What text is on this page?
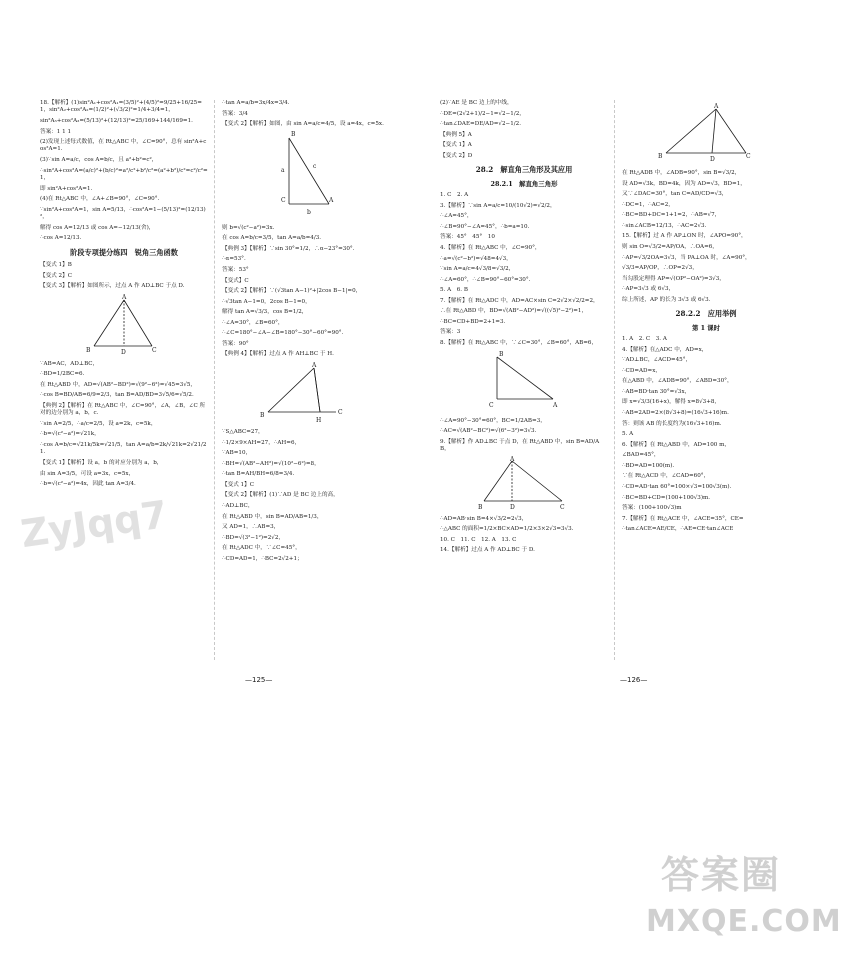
18.【解析】(1)sin²A₁+cos²A₁=(3/5)²+(4/5)²=9/25+16/25=1，sin²A₂+cos²A₂=(1/2)²+(√3/2)²=1/4+3/4=1，
sin²A₃+cos²A₃=(5/13)²+(12/13)²=25/169+144/169=1.
答案：1 1 1
(2)发现上述每式数值，在 Rt△ABC 中，∠C=90°，总有 sin²A+cos²A=1.
(3)∵sin A=a/c，cos A=b/c，且 a²+b²=c²，
∴sin²A+cos²A=(a/c)²+(b/c)²=a²/c²+b²/c²=(a²+b²)/c²=c²/c²=1，
即 sin²A+cos²A=1.
(4)在 Rt△ABC 中，∠A+∠B=90°，∠C=90°.
∵sin²A+cos²A=1，sin A=5/13，∴cos²A=1−(5/13)²=(12/13)²，
解得 cos A=12/13 或 cos A=−12/13(舍)，
∴cos A=12/13.
阶段专项提分练四　锐角三角函数
【变式 1】B
【变式 2】C
【变式 3】【解析】如图所示，过点 A 作 AD⊥BC 于点 D.
A
B	C
D
∵AB=AC，AD⊥BC，
∴BD=1/2BC=6.
在 Rt△ABD 中，AD=√(AB²−BD²)=√(9²−6²)=√45=3√5，
∴cos B=BD/AB=6/9=2/3，tan B=AD/BD=3√5/6=√5/2.
【典例 2】【解析】在 Rt△ABC 中，∠C=90°，∠A，∠B，∠C 所对的边分别为 a，b，c.
∵sin A=2/5，∴a/c=2/5，设 a=2k，c=5k，
∴b=√(c²−a²)=√21k，
∴cos A=b/c=√21k/5k=√21/5，tan A=a/b=2k/√21k=2√21/21.
【变式 1】【解析】设 a，b 的对应分别为 a，b，
由 sin A=3/5，可设 a=3x，c=5x，
∴b=√(c²−a²)=4x，因此 tan A=3/4.
∴tan A=a/b=3x/4x=3/4.
答案：3/4
【变式 2】【解析】如图，由 sin A=a/c=4/5，设 a=4x，c=5x.
B
C	A
a
b
c
则 b=√(c²−a²)=3x.
在 cos A=b/c=3/5，tan A=a/b=4/3.
【典例 3】【解析】∵sin 30°=1/2，∴α−23°=30°.
∴α=53°.
答案：53°
【变式】C
【变式 2】【解析】∵(√3tan A−1)²+|2cos B−1|=0，
∴√3tan A−1=0，2cos B−1=0，
解得 tan A=√3/3，cos B=1/2，
∴∠A=30°，∠B=60°，
∴∠C=180°−∠A−∠B=180°−30°−60°=90°.
答案：90°
【典例 4】【解析】过点 A 作 AH⊥BC 于 H.
A
B	C
H
∵S△ABC=27，
∴1/2×9×AH=27，∴AH=6，
∵AB=10，
∴BH=√(AB²−AH²)=√(10²−6²)=8，
∴tan B=AH/BH=6/8=3/4.
【变式 1】C
【变式 2】【解析】(1)∵AD 是 BC 边上的高，
∴AD⊥BC，
在 Rt△ABD 中，sin B=AD/AB=1/3，
又 AD=1，∴AB=3，
∴BD=√(3²−1²)=2√2，
在 Rt△ADC 中，∵∠C=45°，
∴CD=AD=1，∴BC=2√2+1；
—125—
(2)∵AE 是 BC 边上的中线，
∴DE=(2√2+1)/2−1=√2−1/2，
∴tan∠DAE=DE/AD=√2−1/2.
【典例 5】A
【变式 1】A
【变式 2】D
28.2　解直角三角形及其应用
28.2.1　解直角三角形
1. C　2. A
3.【解析】∵sin A=a/c=10/(10√2)=√2/2，
∴∠A=45°，
∴∠B=90°−∠A=45°，∴b=a=10.
答案：45°　45°　10
4.【解析】在 Rt△ABC 中，∠C=90°，
∴a=√(c²−b²)=√48=4√3，
∵sin A=a/c=4√3/8=√3/2，
∴∠A=60°，∴∠B=90°−60°=30°.
5. A　6. B
7.【解析】在 Rt△ADC 中，AD=AC×sin C=2√2×√2/2=2，
∴在 Rt△ABD 中，BD=√(AB²−AD²)=√((√5)²−2²)=1，
∴BC=CD+BD=2+1=3.
答案：3
8.【解析】在 Rt△ABC 中，∵∠C=30°，∠B=60°，AB=6，
B
C	A
∴∠A=90°−30°=60°，BC=1/2AB=3，
∴AC=√(AB²−BC²)=√(6²−3²)=3√3.
9.【解析】作 AD⊥BC 于点 D，在 Rt△ABD 中，sin B=AD/AB，
A
B	D	C
∴AD=AB·sin B=4×√3/2=2√3，
∴△ABC 的面积=1/2×BC×AD=1/2×3×2√3=3√3.
10. C　11. C　12. A　13. C
14.【解析】过点 A 作 AD⊥BC 于 D.
A
B	D	C
在 Rt△ADB 中，∠ADB=90°，sin B=√3/2，
设 AD=√3k，BD=4k，因为 AD=√3，BD=1，
又∵∠DAC=30°，tan C=AD/CD=√3，
∴DC=1，∴AC=2，
∴BC=BD+DC=1+1=2，∴AB=√7，
∴sin∠ACB=12/13，∴AC=2√3.
15.【解析】过 A 作 AP⊥ON 时，∠APO=90°，
则 sin O=√3/2=AP/OA，∴OA=6，
∴AP=√3/2OA=3√3，当 PA⊥OA 时，∠A=90°，
√3/3=AP/OP，∴OP=2√3，
当勾股定理得 AP=√(OP²−OA²)=3√3，
∴AP=3√3 或 6√3，
综上所述，AP 的长为 3√3 或 6√3.
28.2.2　应用举例
第 1 课时
1. A　2. C　3. A
4.【解析】在△ADC 中，AD=x，
∵AD⊥BC，∠ACD=45°，
∴CD=AD=x，
在△ABD 中，∠ADB=90°，∠ABD=30°，
∴AB=BD·tan 30°=√3x，
即 x=√3/3(16+x)，解得 x=8√3+8，
∴AB=2AD=2×(8√3+8)=(16√3+16)m.
答：则该 AB 的长度约为(16√3+16)m.
5. A
6.【解析】在 Rt△ABD 中，AD=100 m，
∠BAD=45°，
∴BD=AD=100(m).
∵在 Rt△ACD 中，∠CAD=60°，
∴CD=AD·tan 60°=100×√3=100√3(m).
∴BC=BD+CD=(100+100√3)m.
答案：(100+100√3)m
7.【解析】在 Rt△ACE 中，∠ACE=35°，CE=
∴tan∠ACE=AE/CE，∴AE=CE·tan∠ACE
—126—
ZyJqq7
答案圈
MXQE.COM
